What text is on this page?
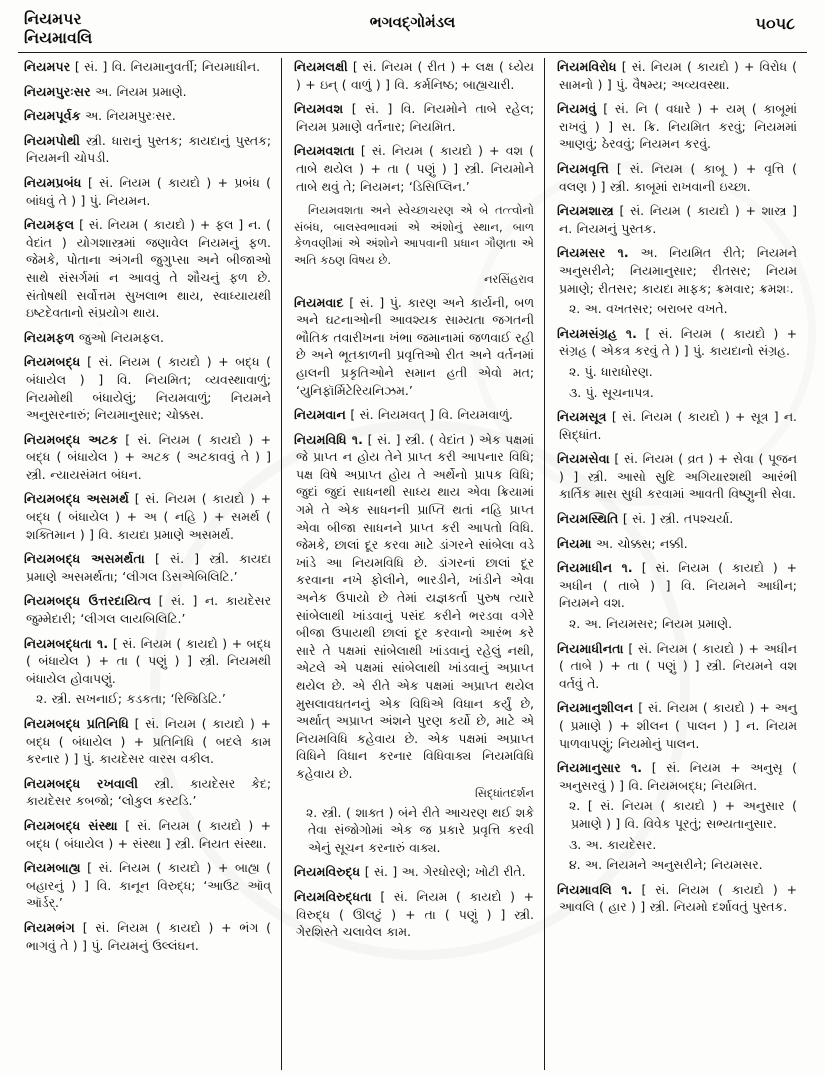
નિયમપર
નિયમાવલિ
ભગવદ્ગોમંડલ	૫૦૫૮
નિયમપર [ સં. ] વિ. નિયમાનુવર્તી; નિયમાધીન.
નિયમપુરઃસર અ. નિયમ પ્રમાણે.
નિયમપૂર્વક અ. નિયમપુરઃસર.
નિયમપોથી સ્ત્રી. ધારાનું પુસ્તક; કાયદાનું પુસ્તક; નિયમની ચોપડી.
નિયમપ્રબંધ [ સં. નિયમ ( કાયદો ) + પ્રબંધ ( બાંધવું તે ) ] પું. નિયમન.
નિયમફલ [ સં. નિયમ ( કાયદો ) + ફલ ] ન. ( વેદાંત ) યોગશાસ્ત્રમાં જણાવેલ નિયમનું ફળ. જેમકે, પોતાના અંગની જુગુપ્સા અને બીજાઓ સાથે સંસર્ગમાં ન આવવું તે શૌચનું ફળ છે. સંતોષથી સર્વોત્તમ સુખલાભ થાય, સ્વાધ્યાયથી ઇષ્ટદેવતાનો સંપ્રયોગ થાય.
નિયમફળ જુઓ નિયમફલ.
નિયમબદ્ધ [ સં. નિયમ ( કાયદો ) + બદ્ધ ( બંધાયેલ ) ] વિ. નિયમિત; વ્યવસ્થાવાળું; નિયમોથી બંધાયેલું; નિયમવાળું; નિયમને અનુસરનારું; નિયમાનુસાર; ચોક્કસ.
નિયમબદ્ધ અટક [ સં. નિયમ ( કાયદો ) + બદ્ધ ( બંધાયેલ ) + અટક ( અટકાવવું તે ) ] સ્ત્રી. ન્યાયસંમત બંધન.
નિયમબદ્ધ અસમર્થ [ સં. નિયમ ( કાયદો ) + બદ્ધ ( બંધાયેલ ) + અ ( નહિ ) + સમર્થ ( શક્તિમાન ) ] વિ. કાયદા પ્રમાણે અસમર્થ.
નિયમબદ્ધ અસમર્થતા [ સં. ] સ્ત્રી. કાયદા પ્રમાણે અસમર્થતા; ‘લીગલ ડિસએબિલિટિ.’
નિયમબદ્ધ ઉત્તરદાયિત્વ [ સં. ] ન. કાયદેસર જુમ્મેદારી; ‘લીગલ લાયબિલિટિ.’
નિયમબદ્ધતા ૧. [ સં. નિયમ ( કાયદો ) + બદ્ધ ( બંધાયેલ ) + તા ( પણું ) ] સ્ત્રી. નિયમથી બંધાયેલ હોવાપણું.
૨. સ્ત્રી. સખનાઈ; કડકતા; ‘રિજિડિટિ.’
નિયમબદ્ધ પ્રતિનિધિ [ સં. નિયમ ( કાયદો ) + બદ્ધ ( બંધાયેલ ) + પ્રતિનિધિ ( બદલે કામ કરનાર ) ] પું. કાયદેસર વારસ વકીલ.
નિયમબદ્ધ રખવાલી સ્ત્રી. કાયદેસર કેદ; કાયદેસર કબજો; ‘લોકુલ કસ્ટડિ.’
નિયમબદ્ધ સંસ્થા [ સં. નિયમ ( કાયદો ) + બદ્ધ ( બંધાયેલ ) + સંસ્થા ] સ્ત્રી. નિયત સંસ્થા.
નિયમબાહ્ય [ સં. નિયમ ( કાયદો ) + બાહ્ય ( બહારનું ) ] વિ. કાનૂન વિરુદ્ધ; ‘આઉટ ઑવ્ ઑર્ડર્.’
નિયમભંગ [ સં. નિયમ ( કાયદો ) + ભંગ ( ભાગવું તે ) ] પું. નિયમનું ઉલ્લંઘન.
નિયમલક્ષી [ સં. નિયમ ( રીત ) + લક્ષ ( ધ્યેય ) + ઇન્ ( વાળું ) ] વિ. કર્મનિષ્ઠ; બાહ્યચારી.
નિયમવશ [ સં. ] વિ. નિયમોને તાબે રહેલ; નિયમ પ્રમાણે વર્તનાર; નિયમિત.
નિયમવશતા [ સં. નિયમ ( કાયદો ) + વશ ( તાબે થયેલ ) + તા ( પણું ) ] સ્ત્રી. નિયમોને તાબે થવું તે; નિયમન; ‘ડિસિપ્લિન.’
નિયમવશતા અને સ્વેચ્છાચરણ એ બે તત્ત્વોનો સંબંધ, બાલસ્વભાવમાં એ અંશોનું સ્થાન, બાળ કેળવણીમાં એ અંશોને આપવાની પ્રધાન ગૌણતા એ અતિ કઠણ વિષય છે.
નરસિંહરાવ
નિયમવાદ [ સં. ] પું. કારણ અને કાર્યની, બળ અને ઘટનાઓની આવશ્યક સામ્યતા જગતની ભૌતિક તવારીખના ખંભા જમાનામાં જળવાઈ રહી છે અને ભૂતકાળની પ્રવૃત્તિઓ રીત અને વર્તનમાં હાલની પ્રકૃતિઓને સમાન હતી એવો મત; ‘યુનિફૉર્મિટેરિયનિઝમ.’
નિયમવાન [ સં. નિયમવત્ ] વિ. નિયમવાળું.
નિયમવિધિ ૧. [ સં. ] સ્ત્રી. ( વેદાંત ) એક પક્ષમાં જે પ્રાપ્ત ન હોય તેને પ્રાપ્ત કરી આપનાર વિધિ; પક્ષ વિષે અપ્રાપ્ત હોય તે અર્થેનો પ્રાપક વિધિ; જુદાં જુદાં સાધનથી સાધ્ય થાય એવા ક્રિયામાં ગમે તે એક સાધનની પ્રાપ્તિ થતાં નહિ પ્રાપ્ત એવા બીજા સાધનને પ્રાપ્ત કરી આપતો વિધિ. જેમકે, છાલાં દૂર કરવા માટે ડાંગરને સાંબેલા વડે ખાંડે આ નિયમવિધિ છે. ડાંગરનાં છાલાં દૂર કરવાના નખે ફોલીને, ભારડીને, ખાંડીને એવા અનેક ઉપાયો છે તેમાં યજ્ઞકર્તા પુરુષ ત્યારે સાંબેલાથી ખાંડવાનું પસંદ કરીને ભરડવા વગેરે બીજા ઉપાયથી છાલાં દૂર કરવાનો આરંભ કરે સારે તે પક્ષમાં સાંબેલાથી ખાંડવાનું રહેલું નથી, એટલે એ પક્ષમાં સાંબેલાથી ખાંડવાનું અપ્રાપ્ત થયેલ છે. એ રીતે એક પક્ષમાં અપ્રાપ્ત થયેલ મુસલાવઘતનનું એક વિધિએ વિધાન કર્યું છે, અર્થાત્ અપ્રાપ્ત અંશને પુરણ કર્યો છે, માટે એ નિયમવિધિ કહેવાય છે. એક પક્ષમાં અપ્રાપ્ત વિધિને વિધાન કરનાર વિધિવાક્ય નિયમવિધિ કહેવાય છે.
સિદ્ધાંતદર્શન
૨. સ્ત્રી. ( શાક્ત ) બંને રીતે આચરણ થઈ શકે તેવા સંજોગોમાં એક જ પ્રકારે પ્રવૃત્તિ કરવી એનું સૂચન કરનારું વાક્ય.
નિયમવિરુદ્ધ [ સં. ] અ. ગેરધોરણે; ખોટી રીતે.
નિયમવિરુદ્ધતા [ સં. નિયમ ( કાયદો ) + વિરુદ્ધ ( ઊલટું ) + તા ( પણું ) ] સ્ત્રી. ગેરશિસ્તે ચલાવેલ કામ.
નિયમવિરોધ [ સં. નિયમ ( કાયદો ) + વિરોધ ( સામનો ) ] પું. વૈષમ્ય; અવ્યવસ્થા.
નિયમવું [ સં. નિ ( વધારે ) + યમ્ ( કાબૂમાં રાખવું ) ] સ. ક્રિ. નિયમિત કરવું; નિયમમાં આણવું; ઠેરવવું; નિયમન કરવું.
નિયમવૃત્તિ [ સં. નિયમ ( કાબૂ ) + વૃત્તિ ( વલણ ) ] સ્ત્રી. કાબૂમાં રાખવાની ઇચ્છા.
નિયમશાસ્ત્ર [ સં. નિયમ ( કાયદો ) + શાસ્ત્ર ] ન. નિયમનું પુસ્તક.
નિયમસર ૧. અ. નિયમિત રીતે; નિયમને અનુસરીને; નિયમાનુસાર; રીતસર; નિયમ પ્રમાણે; રીતસર; કાયદા માફક; ક્રમવાર; ક્રમશઃ.
૨. અ. વખતસર; બરાબર વખતે.
નિયમસંગ્રહ ૧. [ સં. નિયમ ( કાયદો ) + સંગ્રહ ( એકત્ર કરવું તે ) ] પું. કાયદાનો સંગ્રહ.
૨. પું. ધારાધોરણ.
૩. પું. સૂચનાપત્ર.
નિયમસૂત્ર [ સં. નિયમ ( કાયદો ) + સૂત્ર ] ન. સિદ્ધાંત.
નિયમસેવા [ સં. નિયમ ( વ્રત ) + સેવા ( પૂજન ) ] સ્ત્રી. આસો સુદિ અગિયારશથી આરંભી કાર્તિક માસ સુધી કરવામાં આવતી વિષ્ણુની સેવા.
નિયમસ્થિતિ [ સં. ] સ્ત્રી. તપશ્ચર્યા.
નિયમા અ. ચોક્કસ; નક્કી.
નિયમાધીન ૧. [ સં. નિયમ ( કાયદો ) + અધીન ( તાબે ) ] વિ. નિયમને આધીન; નિયમને વશ.
૨. અ. નિયમસર; નિયમ પ્રમાણે.
નિયમાધીનતા [ સં. નિયમ ( કાયદો ) + અધીન ( તાબે ) + તા ( પણું ) ] સ્ત્રી. નિયમને વશ વર્તવું તે.
નિયમાનુશીલન [ સં. નિયમ ( કાયદો ) + અનુ ( પ્રમાણે ) + શીલન ( પાલન ) ] ન. નિયમ પાળવાપણું; નિયમોનું પાલન.
નિયમાનુસાર ૧. [ સં. નિયમ + અનુસૃ ( અનુસરવું ) ] વિ. નિયમબદ્ધ; નિયમિત.
૨. [ સં. નિયમ ( કાયદો ) + અનુસાર ( પ્રમાણે ) ] વિ. વિવેક પૂરતું; સભ્યતાનુસાર.
૩. અ. કાયદેસર.
૪. અ. નિયમને અનુસરીને; નિયમસર.
નિયમાવલિ ૧. [ સં. નિયમ ( કાયદો ) + આવલિ ( હાર ) ] સ્ત્રી. નિયમો દર્શાવતું પુસ્તક.
